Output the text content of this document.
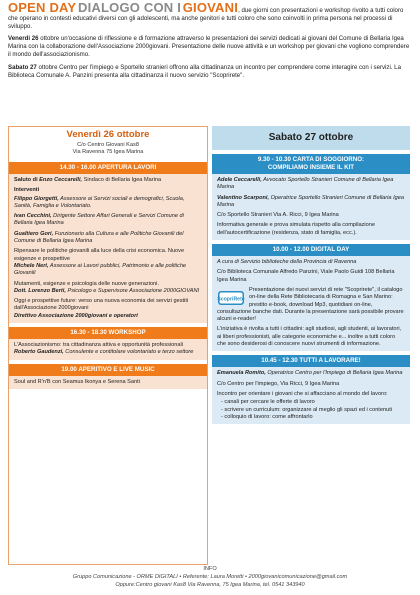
OPEN DAY DIALOGO CON I GIOVANI, due giorni con presentazioni e workshop rivolto a tutti coloro che operano in contesti educativi diversi con gli adolescenti, ma anche genitori e tutti coloro che sono coinvolti in prima persona nel processi di sviluppo.

Venerdi 26 ottobre un'occasione di riflessione e di formazione attraverso le presentazioni dei servizi dedicati ai giovani del Comune di Bellaria Igea Marina con la collaborazione dell'Associazione 2000giovani. Presentazione delle nuove attività e un workshop per giovani che vogliono comprendere il mondo dell'associazionismo.

Sabato 27 ottobre Centro per l'impiego e Sportello stranieri offrono alla cittadinanza un incontro per comprendere come interagire con i servizi. La Biblioteca Comunale A. Panzini presenta alla cittadinanza il nuovo servizio "Scoprirete".

Venerdì 26 ottobre
C/o Centro Giovani Kas8
Via Ravenna 75 Igea Marina
14.30 - 16.00 APERTURA LAVORI

Saluto di Enzo Ceccarelli, Sindaco di Bellaria Igea Marina

Interventi

Filippo Giorgetti, Assessore ai Servizi sociali e demografici, Scuola, Sanità, Famiglia e Volontariato.

Ivan Cecchini, Dirigente Settore Affari Generali e Servizi Comune di Bellaria Igea Marina

Gualtiero Gori, Funzionario alla Cultura e alle Politiche Giovanili del Comune di Bellaria Igea Marina

Ripensare le politiche giovanili alla luce della crisi economica. Nuove esigenze e prospettive
Michele Neri, Assessore ai Lavori pubblici, Patrimonio e alle politiche Giovanili

Mutamenti, esigenze e psicologia delle nuove generazioni.
Dott. Lorenzo Berti, Psicologo e Supervisore Associazione 2000GIOVANI

Oggi e prospettive future: verso una nuova economia dei servizi gestiti dall'Associazione 2000giovani
Direttivo Associazione 2000giovani e operatori

16.30 - 18.30 WORKSHOP

L'Associazionismo: tra cittadinanza attiva e opportunità professionali
Roberto Gaudenzi, Consulente e contitolare volontariato e terzo settore

19.00 APERITIVO E LIVE MUSIC

Soul and R'n'B con Seamus Ikonya e Serena Santi

Sabato 27 ottobre
9.30 - 10.30 CARTA DI SOGGIORNO:
COMPILIAMO INSIEME IL KIT

Adele Ceccarelli, Avvocato Sportello Stranieri Comune di Bellaria Igea Marina

Valentino Scarponi, Operatrice Sportello Stranieri Comune di Bellaria Igea Marina

C/o Sportello Stranieri Via A. Ricci, 9 Igea Marina

Informativa generale e prova simulata rispetto alla compilazione dell'autocertificazione (residenza, stato di famiglia, ecc.).

10.00 - 12.00 DIGITAL DAY

A cura di Servizio biblioteche della Provincia di Ravenna

C/o Biblioteca Comunale Alfredo Panzini, Viale Paolo Guidi 108 Bellaria Igea Marina

ScopriRete
Presentazione dei nuovi servizi di rete "Scoprirete", il catalogo on-line della Rete Bibliotecaria di Romagna e San Marino: prestito e-book, download Mp3, quotidiani on-line, consultazione banche dati. Durante la presentazione sarà possibile provare alcuni e-reader!

L'iniziativa è rivolta a tutti i cittadini: agli studiosi, agli studenti, ai lavoratori, ai liberi professionisti, alle categorie economiche e... inoltre a tutti coloro che sono desiderosi di conoscere nuovi strumenti di informazione.

10.45 - 12.30 TUTTI A LAVORARE!

Emanuela Romito, Operatrice Centro per l'Impiego di Bellaria Igea Marina

C/o Centro per l'impiego, Via Ricci, 9 Igea Marina

Incontro per orientare i giovani che si affacciano al mondo del lavoro:

- canali per cercare le offerte di lavoro
- scrivere un curriculum: organizzare al meglio gli spazi ed i contenuti
- colloquio di lavoro: come affrontarlo
INFO
Gruppo Comunicazione - ORME DIGITALI • Referente: Laura Moretti • 2000giovanicomunicazione@gmail.com
Oppure:Centro giovani Kas8 Via Ravenna, 75 Igea Marina, tel. 0541 343940
